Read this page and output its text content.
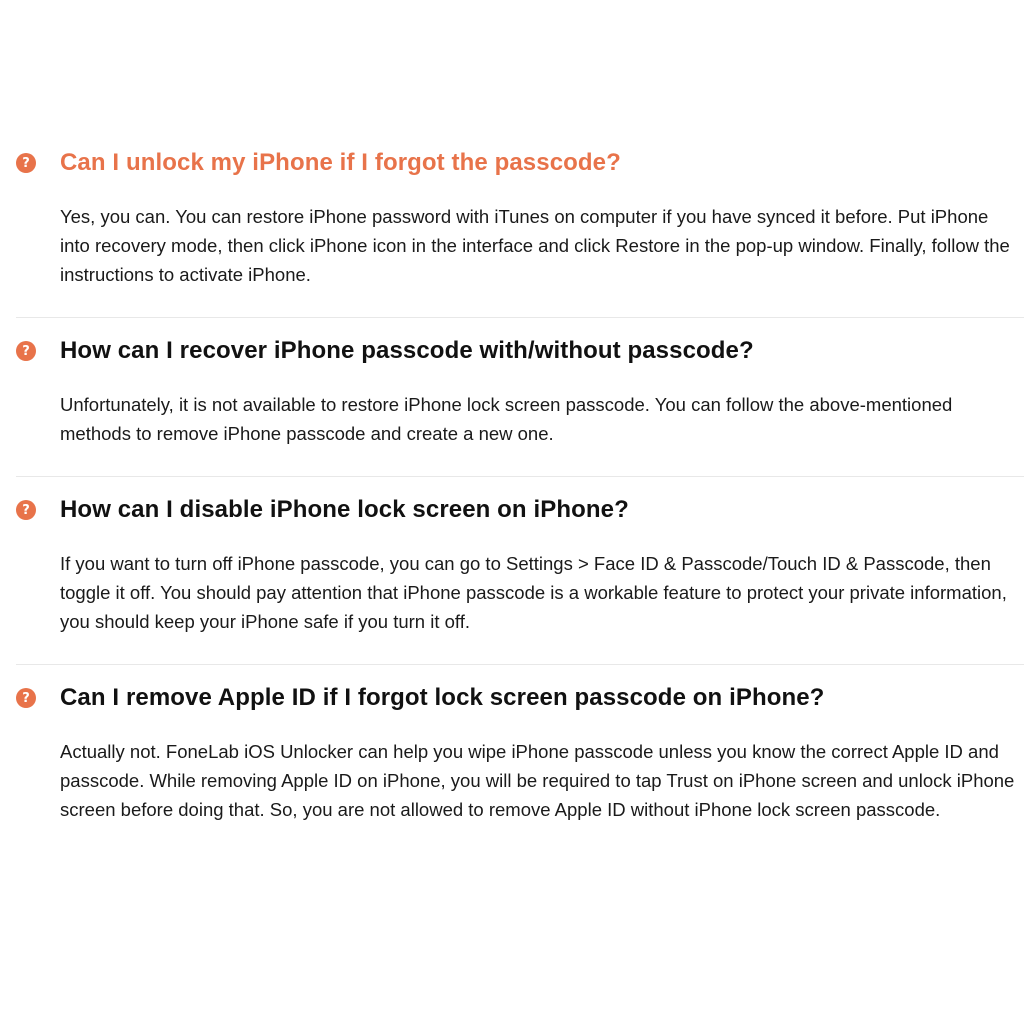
? Can I unlock my iPhone if I forgot the passcode?

Yes, you can. You can restore iPhone password with iTunes on computer if you have synced it before. Put iPhone into recovery mode, then click iPhone icon in the interface and click Restore in the pop-up window. Finally, follow the instructions to activate iPhone.

? How can I recover iPhone passcode with/without passcode?

Unfortunately, it is not available to restore iPhone lock screen passcode. You can follow the above-mentioned methods to remove iPhone passcode and create a new one.

? How can I disable iPhone lock screen on iPhone?

If you want to turn off iPhone passcode, you can go to Settings > Face ID & Passcode/Touch ID & Passcode, then toggle it off. You should pay attention that iPhone passcode is a workable feature to protect your private information, you should keep your iPhone safe if you turn it off.

? Can I remove Apple ID if I forgot lock screen passcode on iPhone?

Actually not. FoneLab iOS Unlocker can help you wipe iPhone passcode unless you know the correct Apple ID and passcode. While removing Apple ID on iPhone, you will be required to tap Trust on iPhone screen and unlock iPhone screen before doing that. So, you are not allowed to remove Apple ID without iPhone lock screen passcode.
